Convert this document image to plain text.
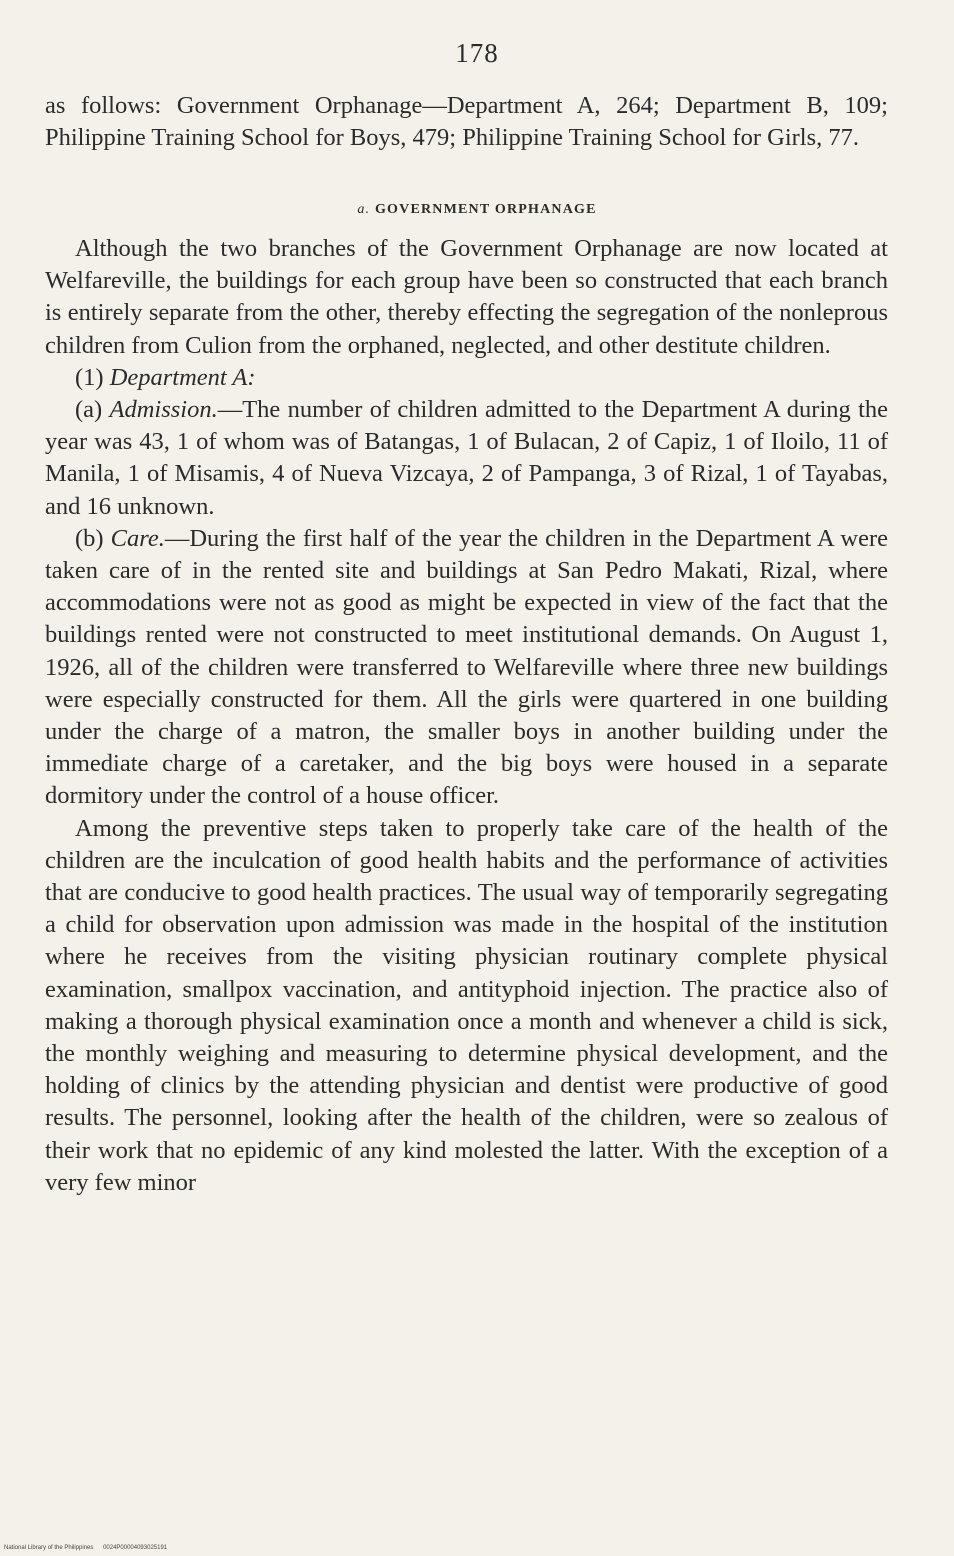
178

as follows: Government Orphanage—Department A, 264; Department B, 109; Philippine Training School for Boys, 479; Philippine Training School for Girls, 77.

a. GOVERNMENT ORPHANAGE

Although the two branches of the Government Orphanage are now located at Welfareville, the buildings for each group have been so constructed that each branch is entirely separate from the other, thereby effecting the segregation of the nonleprous children from Culion from the orphaned, neglected, and other destitute children.

(1) Department A:

(a) Admission.—The number of children admitted to the Department A during the year was 43, 1 of whom was of Batangas, 1 of Bulacan, 2 of Capiz, 1 of Iloilo, 11 of Manila, 1 of Misamis, 4 of Nueva Vizcaya, 2 of Pampanga, 3 of Rizal, 1 of Tayabas, and 16 unknown.

(b) Care.—During the first half of the year the children in the Department A were taken care of in the rented site and buildings at San Pedro Makati, Rizal, where accommodations were not as good as might be expected in view of the fact that the buildings rented were not constructed to meet institutional demands. On August 1, 1926, all of the children were transferred to Welfareville where three new buildings were especially constructed for them. All the girls were quartered in one building under the charge of a matron, the smaller boys in another building under the immediate charge of a caretaker, and the big boys were housed in a separate dormitory under the control of a house officer.

Among the preventive steps taken to properly take care of the health of the children are the inculcation of good health habits and the performance of activities that are conducive to good health practices. The usual way of temporarily segregating a child for observation upon admission was made in the hospital of the institution where he receives from the visiting physician routinary complete physical examination, smallpox vaccination, and antityphoid injection. The practice also of making a thorough physical examination once a month and whenever a child is sick, the monthly weighing and measuring to determine physical development, and the holding of clinics by the attending physician and dentist were productive of good results. The personnel, looking after the health of the children, were so zealous of their work that no epidemic of any kind molested the latter. With the exception of a very few minor

National Library of the Philippines 0024P00004093025191
